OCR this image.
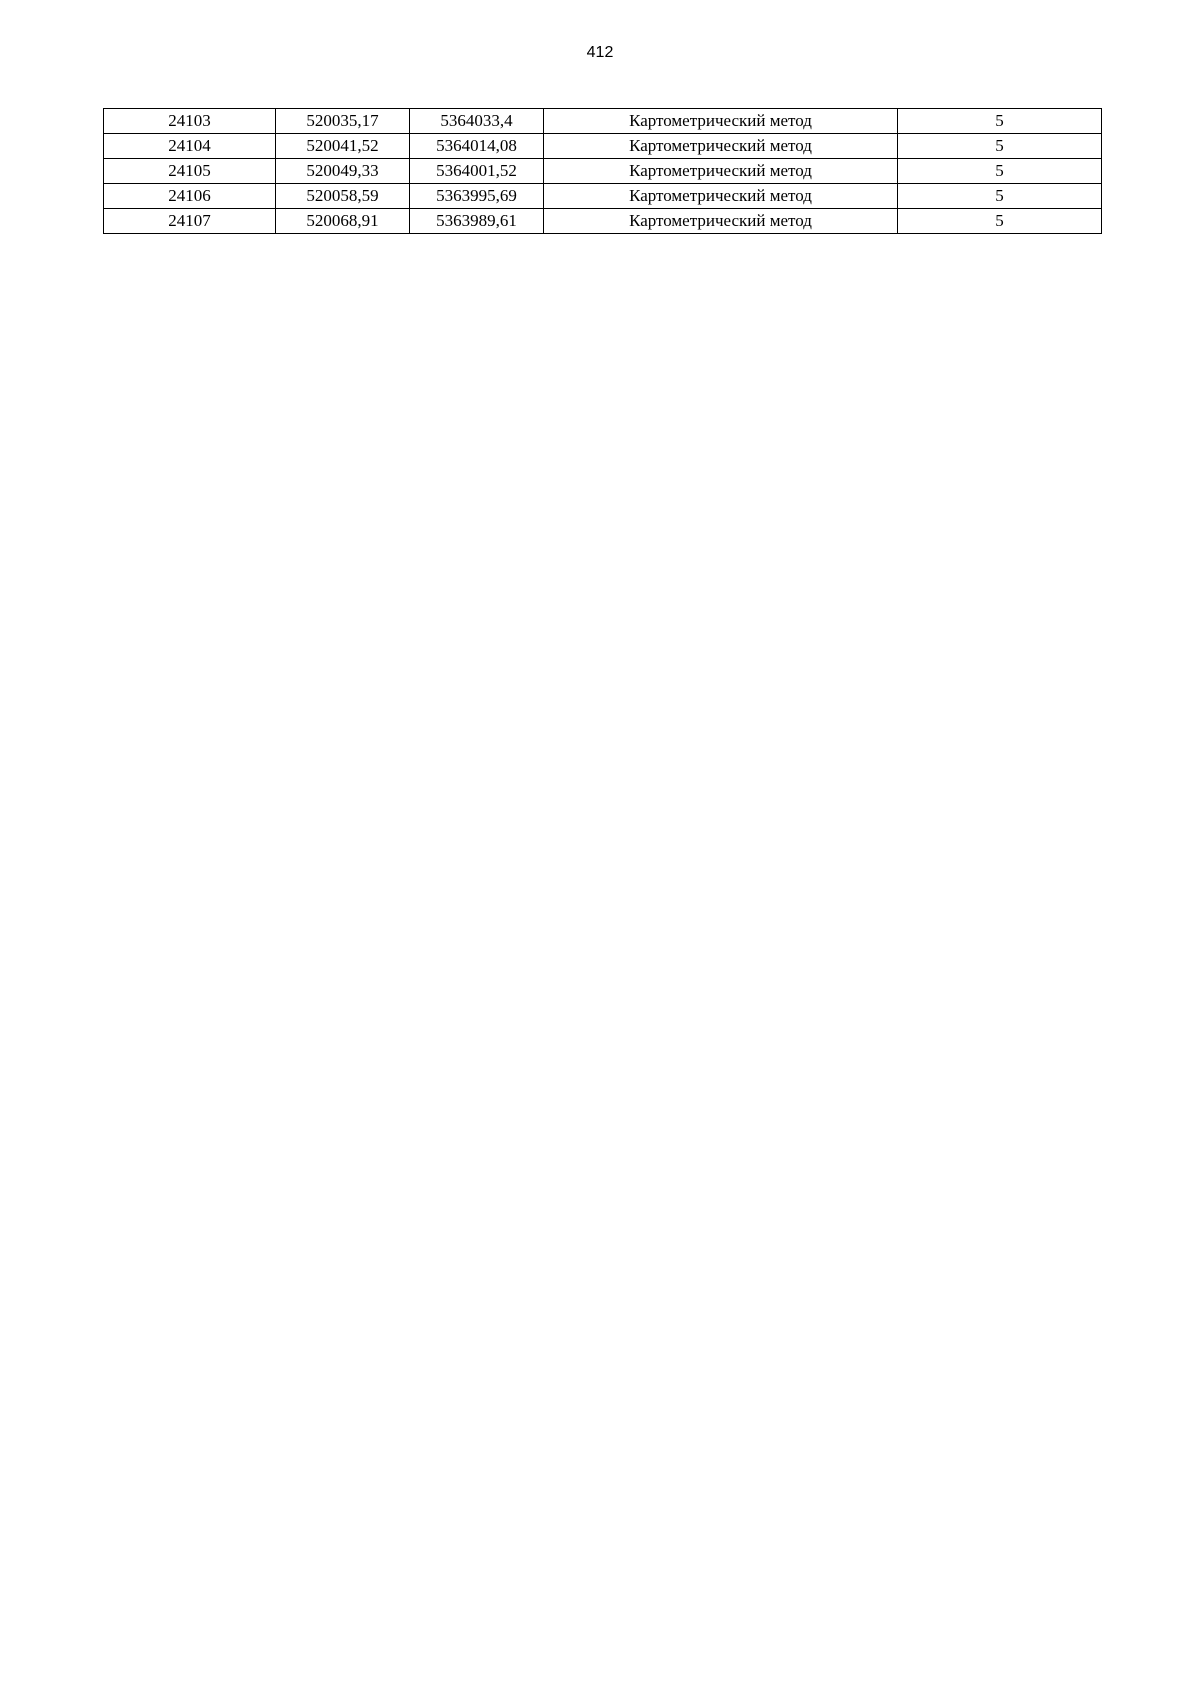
412
24103	520035,17	5364033,4	Картометрический метод	5
24104	520041,52	5364014,08	Картометрический метод	5
24105	520049,33	5364001,52	Картометрический метод	5
24106	520058,59	5363995,69	Картометрический метод	5
24107	520068,91	5363989,61	Картометрический метод	5
